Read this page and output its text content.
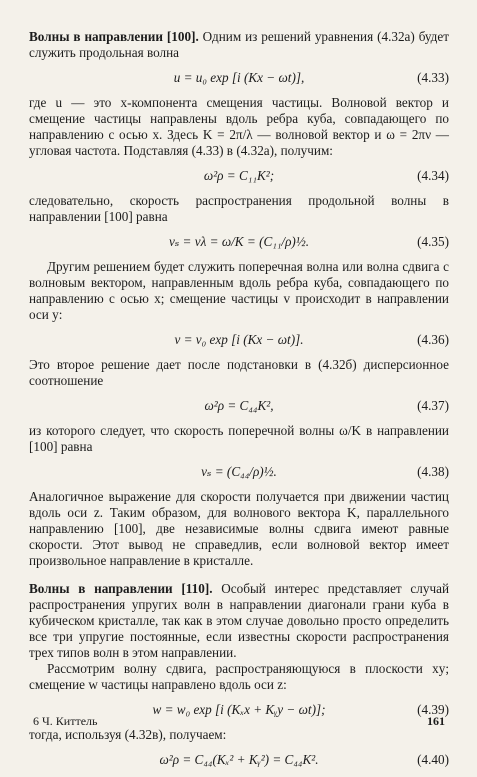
Волны в направлении [100]. Одним из решений уравнения (4.32а) будет служить продольная волна

u = u₀ exp [i (Kx − ωt)],	(4.33)

где u — это x-компонента смещения частицы. Волновой вектор и смещение частицы направлены вдоль ребра куба, совпадающего по направлению с осью x. Здесь K = 2π/λ — волновой вектор и ω = 2πν — угловая частота. Подставляя (4.33) в (4.32а), получим:

ω²ρ = C₁₁K²;	(4.34)

следовательно, скорость распространения продольной волны в направлении [100] равна

vₛ = νλ = ω/K = (C₁₁/ρ)½.	(4.35)

Другим решением будет служить поперечная волна или волна сдвига с волновым вектором, направленным вдоль ребра куба, совпадающего по направлению с осью x; смещение частицы v происходит в направлении оси y:

v = v₀ exp [i (Kx − ωt)].	(4.36)

Это второе решение дает после подстановки в (4.32б) дисперсионное соотношение

ω²ρ = C₄₄K²,	(4.37)

из которого следует, что скорость поперечной волны ω/K в направлении [100] равна

vₛ = (C₄₄/ρ)½.	(4.38)

Аналогичное выражение для скорости получается при движении частиц вдоль оси z. Таким образом, для волнового вектора K, параллельного направлению [100], две независимые волны сдвига имеют равные скорости. Этот вывод не справедлив, если волновой вектор имеет произвольное направление в кристалле.

Волны в направлении [110]. Особый интерес представляет случай распространения упругих волн в направлении диагонали грани куба в кубическом кристалле, так как в этом случае довольно просто определить все три упругие постоянные, если известны скорости распространения трех типов волн в этом направлении.

Рассмотрим волну сдвига, распространяющуюся в плоскости xy; смещение w частицы направлено вдоль оси z:

w = w₀ exp [i (Kₓx + Kᵧy − ωt)];	(4.39)

тогда, используя (4.32в), получаем:

ω²ρ = C₄₄(Kₓ² + Kᵧ²) = C₄₄K².	(4.40)
6 Ч. Киттель	161
